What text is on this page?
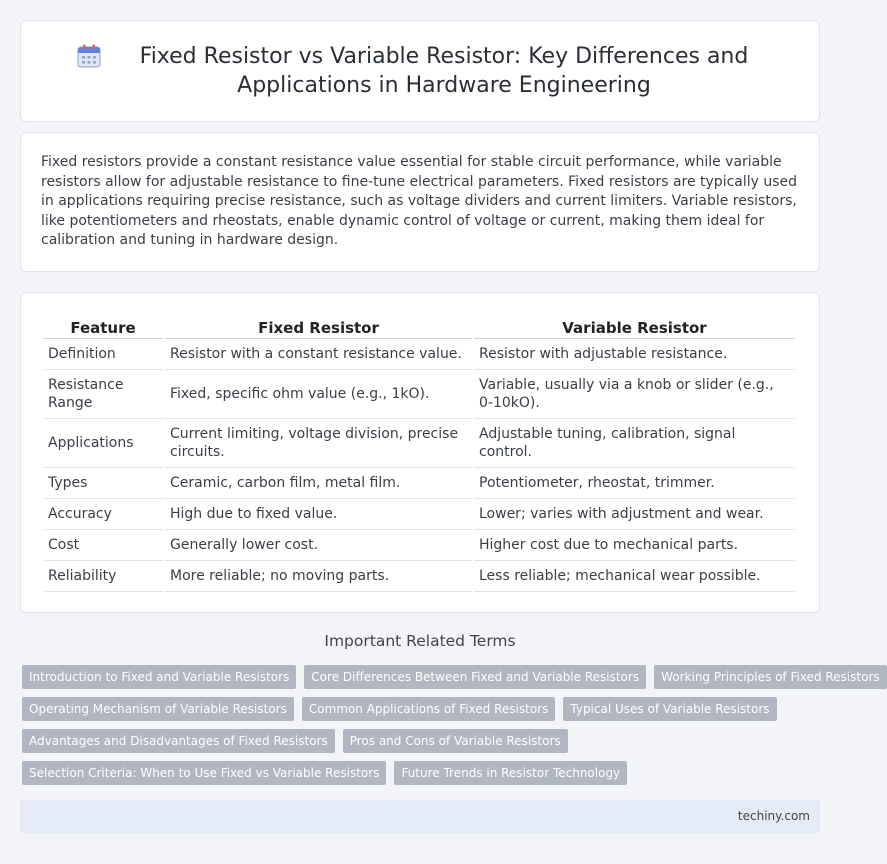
Fixed Resistor vs Variable Resistor: Key Differences and Applications in Hardware Engineering

Fixed resistors provide a constant resistance value essential for stable circuit performance, while variable resistors allow for adjustable resistance to fine-tune electrical parameters. Fixed resistors are typically used in applications requiring precise resistance, such as voltage dividers and current limiters. Variable resistors, like potentiometers and rheostats, enable dynamic control of voltage or current, making them ideal for calibration and tuning in hardware design.

Feature	Fixed Resistor	Variable Resistor
Definition	Resistor with a constant resistance value.	Resistor with adjustable resistance.
Resistance Range	Fixed, specific ohm value (e.g., 1kO).	Variable, usually via a knob or slider (e.g., 0-10kO).
Applications	Current limiting, voltage division, precise circuits.	Adjustable tuning, calibration, signal control.
Types	Ceramic, carbon film, metal film.	Potentiometer, rheostat, trimmer.
Accuracy	High due to fixed value.	Lower; varies with adjustment and wear.
Cost	Generally lower cost.	Higher cost due to mechanical parts.
Reliability	More reliable; no moving parts.	Less reliable; mechanical wear possible.
Important Related Terms
Introduction to Fixed and Variable Resistors	Core Differences Between Fixed and Variable Resistors	Working Principles of Fixed Resistors
Operating Mechanism of Variable Resistors	Common Applications of Fixed Resistors	Typical Uses of Variable Resistors
Advantages and Disadvantages of Fixed Resistors	Pros and Cons of Variable Resistors
Selection Criteria: When to Use Fixed vs Variable Resistors	Future Trends in Resistor Technology
techiny.com
